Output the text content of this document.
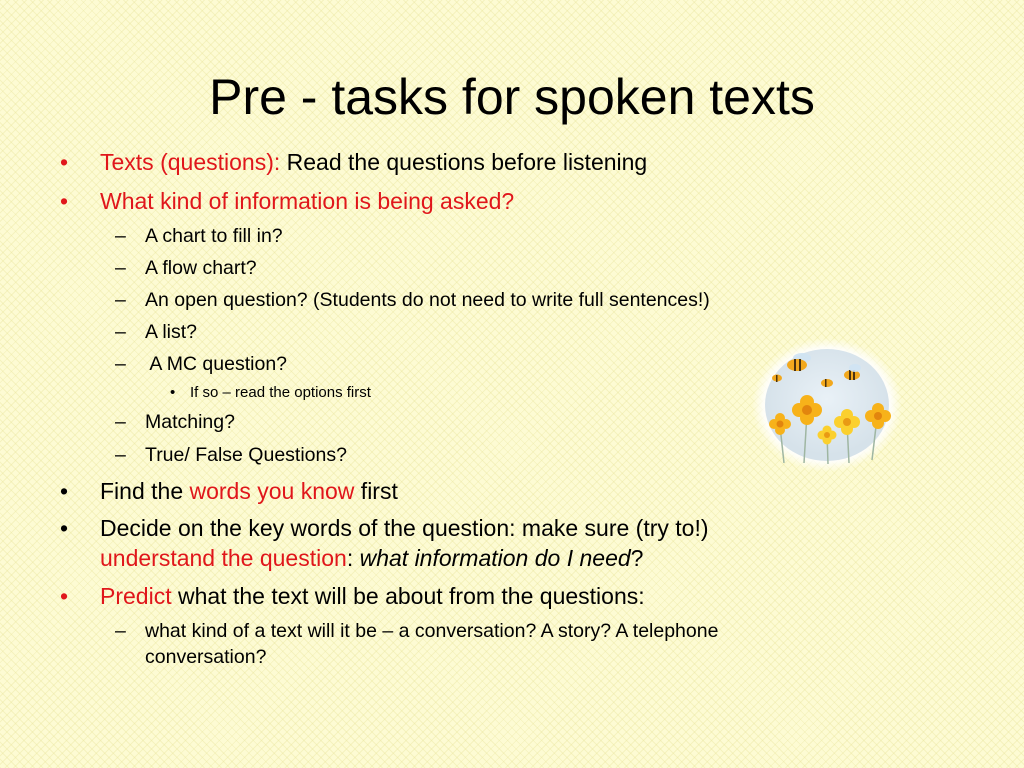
Pre - tasks for spoken texts
• Texts (questions): Read the questions before listening
• What kind of information is being asked?
– A chart to fill in?
– A flow chart?
– An open question? (Students do not need to write full sentences!)
– A list?
– A MC question?
• If so – read the options first
– Matching?
– True/ False Questions?
• Find the words you know first
• Decide on the key words of the question: make sure (try to!)
understand the question: what information do I need?
• Predict what the text will be about from the questions:
– what kind of a text will it be – a conversation? A story? A telephone
conversation?
